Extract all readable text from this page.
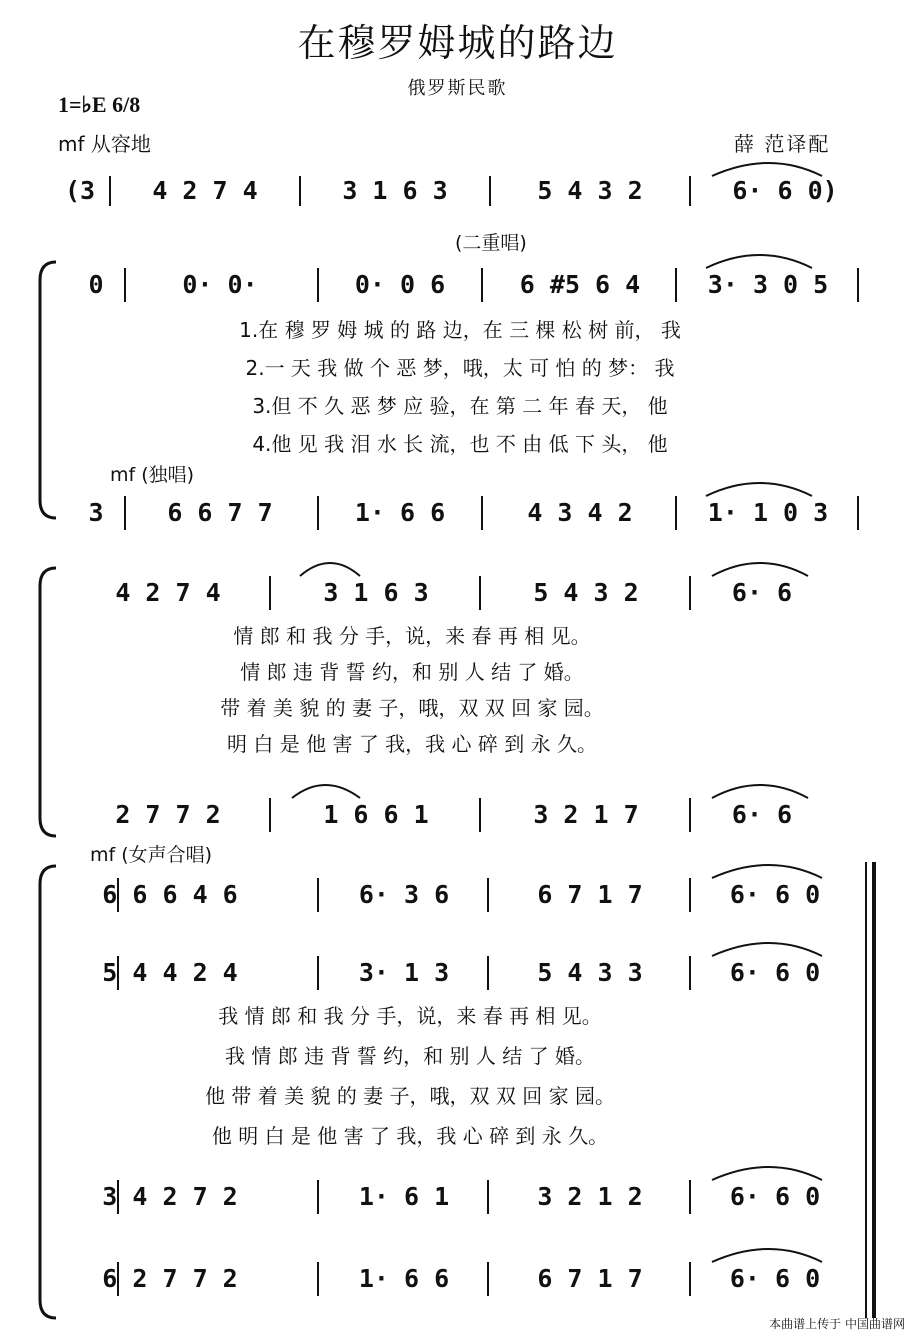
在穆罗姆城的路边
俄罗斯民歌
1=♭E 6/8
mf 从容地	薛 范译配
(3 4 2 7 4	3 1 6 3	5 4 3 2	6· 6 0)
(二重唱)
0	0· 0·	0· 0 6	6 #5 6 4	3· 3 0 5
1.在 穆 罗 姆 城 的 路 边，在 三 棵 松 树 前， 我
2.一 天 我 做 个 恶 梦，哦，太 可 怕 的 梦： 我
3.但 不 久 恶 梦 应 验，在 第 二 年 春 天， 他
4.他 见 我 泪 水 长 流，也 不 由 低 下 头， 他
mf (独唱)
3	6 6 7 7	1· 6 6	4 3 4 2	1· 1 0 3
4 2 7 4	3 1 6 3	5 4 3 2	6· 6
情 郎 和 我 分 手，说，来 春 再 相 见。
情 郎 违 背 誓 约，和 别 人 结 了 婚。
带 着 美 貌 的 妻 子，哦，双 双 回 家 园。
明 白 是 他 害 了 我，我 心 碎 到 永 久。
2 7 7 2	1 6 6 1	3 2 1 7	6· 6
mf (女声合唱)
6 6 6 4 6	6· 3 6	6 7 1 7	6· 6 0
5 4 4 2 4	3· 1 3	5 4 3 3	6· 6 0
我 情 郎 和 我 分 手，说，来 春 再 相 见。
我 情 郎 违 背 誓 约，和 别 人 结 了 婚。
他 带 着 美 貌 的 妻 子，哦，双 双 回 家 园。
他 明 白 是 他 害 了 我，我 心 碎 到 永 久。
3 4 2 7 2	1· 6 1	3 2 1 2	6· 6 0
6 2 7 7 2	1· 6 6	6 7 1 7	6· 6 0
本曲谱上传于 中国曲谱网
